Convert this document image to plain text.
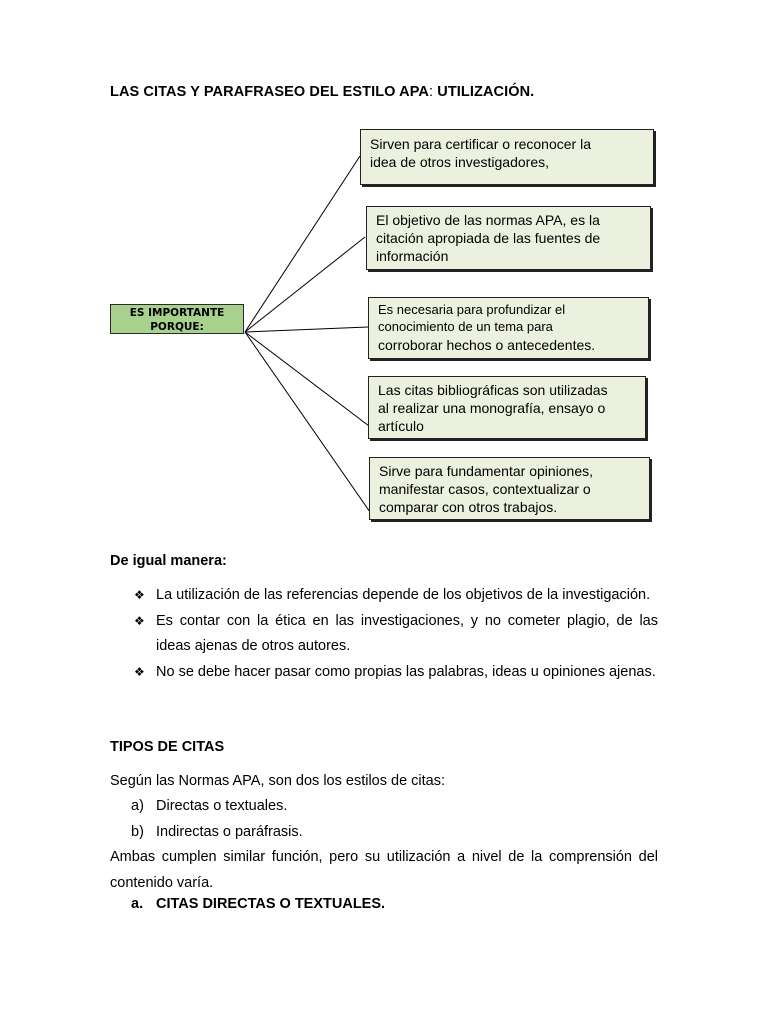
LAS CITAS Y PARAFRASEO DEL ESTILO APA: UTILIZACIÓN.
ES IMPORTANTE
PORQUE:
Sirven para certificar o reconocer la
idea de otros investigadores,
El objetivo de las normas APA, es la
citación apropiada de las fuentes de
información
Es necesaria para profundizar el
conocimiento de un tema para
corroborar hechos o antecedentes.
Las citas bibliográficas son utilizadas
al realizar una monografía, ensayo o
artículo
Sirve para fundamentar opiniones,
manifestar casos, contextualizar o
comparar con otros trabajos.
De igual manera:
❖ La utilización de las referencias depende de los objetivos de la investigación.
❖ Es contar con la ética en las investigaciones, y no cometer plagio, de las ideas ajenas de otros autores.
❖ No se debe hacer pasar como propias las palabras, ideas u opiniones ajenas.
TIPOS DE CITAS
Según las Normas APA, son dos los estilos de citas:
a) Directas o textuales.
b) Indirectas o paráfrasis.
Ambas cumplen similar función, pero su utilización a nivel de la comprensión del contenido varía.
a. CITAS DIRECTAS O TEXTUALES.
